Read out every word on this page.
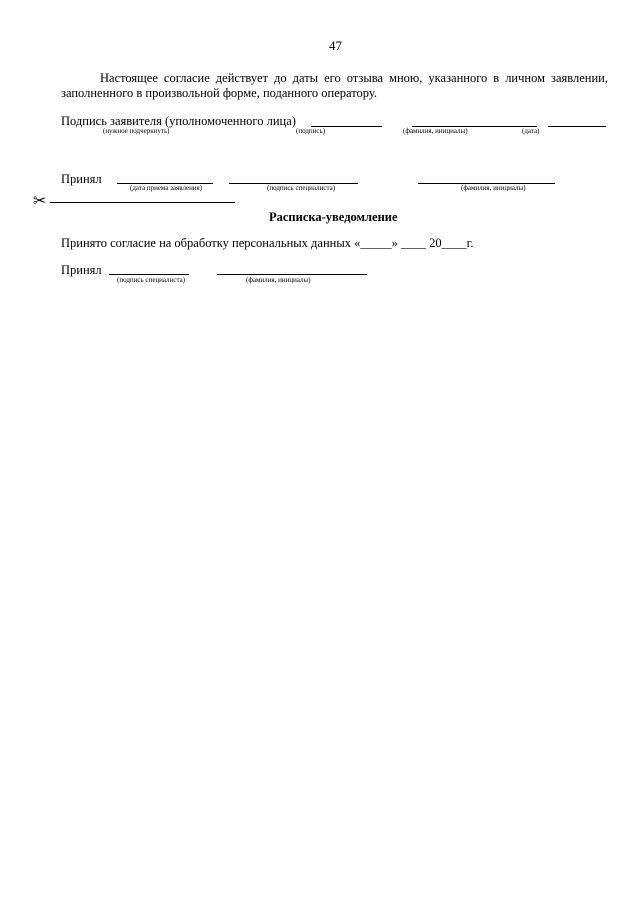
47
Настоящее согласие действует до даты его отзыва мною, указанного в личном заявлении,
заполненного в произвольной форме, поданного оператору.
Подпись заявителя (уполномоченного лица)
(нужное подчеркнуть)	(подпись)	(фамилия, инициалы)	(дата)
Принял
(дата приема заявления)	(подпись специалиста)	(фамилия, инициалы)
✂
Расписка-уведомление
Принято согласие на обработку персональных данных «_____» ____ 20____г.
Принял
(подпись специалиста)	(фамилия, инициалы)
